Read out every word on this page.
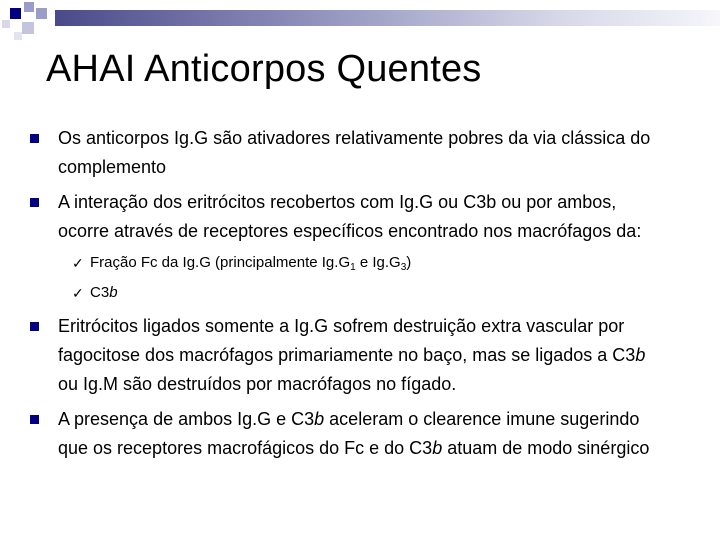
AHAI Anticorpos Quentes
Os anticorpos Ig.G são ativadores relativamente pobres da via clássica do
complemento
A interação dos eritrócitos recobertos com Ig.G ou C3b ou por ambos,
ocorre através de receptores específicos encontrado nos macrófagos da:
✓ Fração Fc da Ig.G (principalmente $Ig.G_1$ e $Ig.G_3$)
✓ C3b
Eritrócitos ligados somente a Ig.G sofrem destruição extra vascular por
fagocitose dos macrófagos primariamente no baço, mas se ligados a C3b
ou Ig.M são destruídos por macrófagos no fígado.
A presença de ambos Ig.G e C3b aceleram o clearence imune sugerindo
que os receptores macrofágicos do Fc e do C3b atuam de modo sinérgico
